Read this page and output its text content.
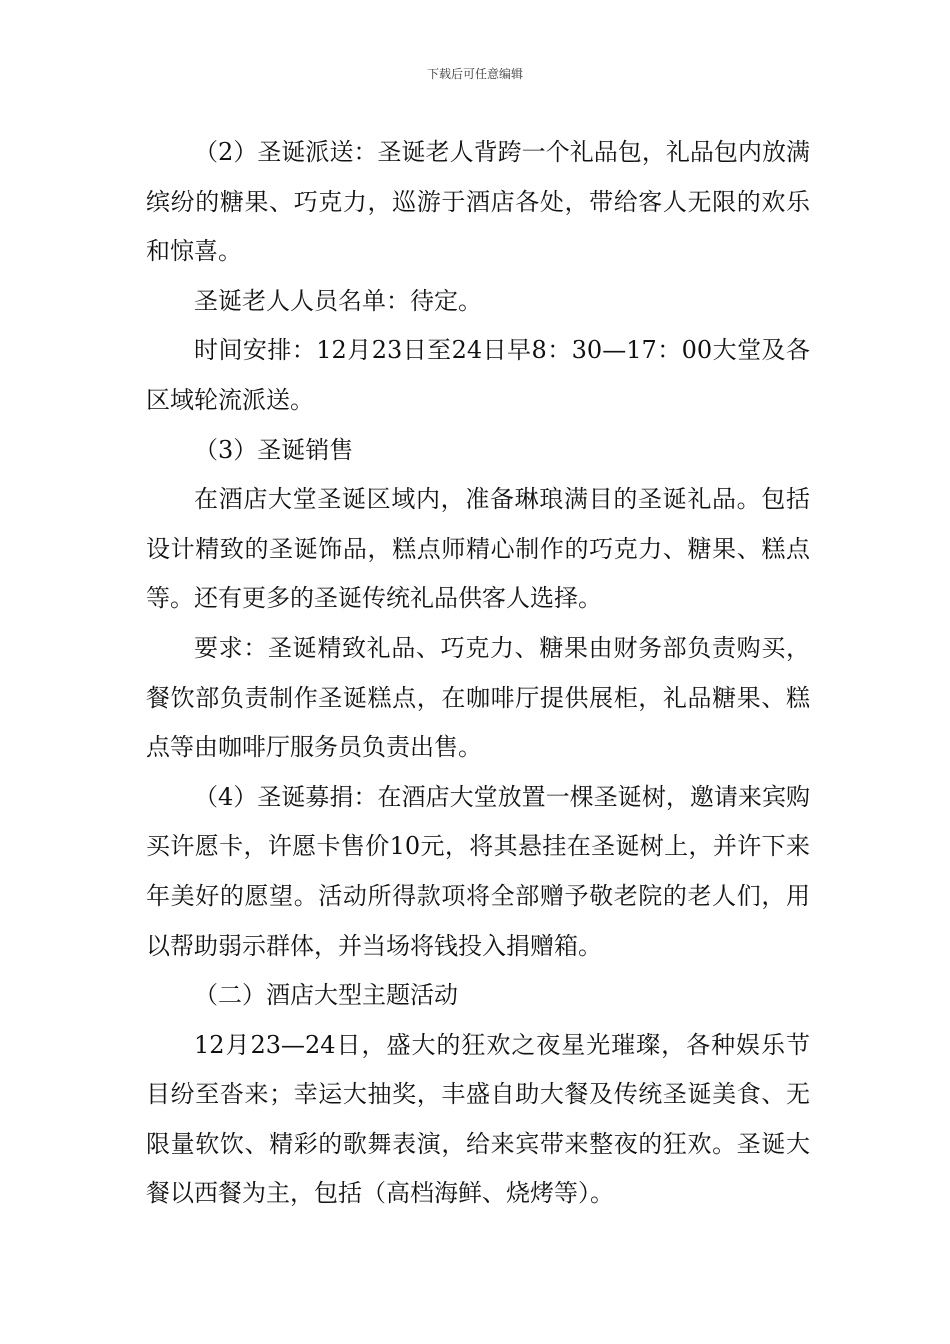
下载后可任意编辑

（2）圣诞派送：圣诞老人背跨一个礼品包，礼品包内放满缤纷的糖果、巧克力，巡游于酒店各处，带给客人无限的欢乐和惊喜。

圣诞老人人员名单：待定。

时间安排：12月23日至24日早8：30—17：00大堂及各区域轮流派送。

（3）圣诞销售

在酒店大堂圣诞区域内，准备琳琅满目的圣诞礼品。包括设计精致的圣诞饰品，糕点师精心制作的巧克力、糖果、糕点等。还有更多的圣诞传统礼品供客人选择。

要求：圣诞精致礼品、巧克力、糖果由财务部负责购买，餐饮部负责制作圣诞糕点，在咖啡厅提供展柜，礼品糖果、糕点等由咖啡厅服务员负责出售。

（4）圣诞募捐：在酒店大堂放置一棵圣诞树，邀请来宾购买许愿卡，许愿卡售价10元，将其悬挂在圣诞树上，并许下来年美好的愿望。活动所得款项将全部赠予敬老院的老人们，用以帮助弱示群体，并当场将钱投入捐赠箱。

（二）酒店大型主题活动

12月23—24日，盛大的狂欢之夜星光璀璨，各种娱乐节目纷至沓来；幸运大抽奖，丰盛自助大餐及传统圣诞美食、无限量软饮、精彩的歌舞表演，给来宾带来整夜的狂欢。圣诞大餐以西餐为主，包括（高档海鲜、烧烤等）。
